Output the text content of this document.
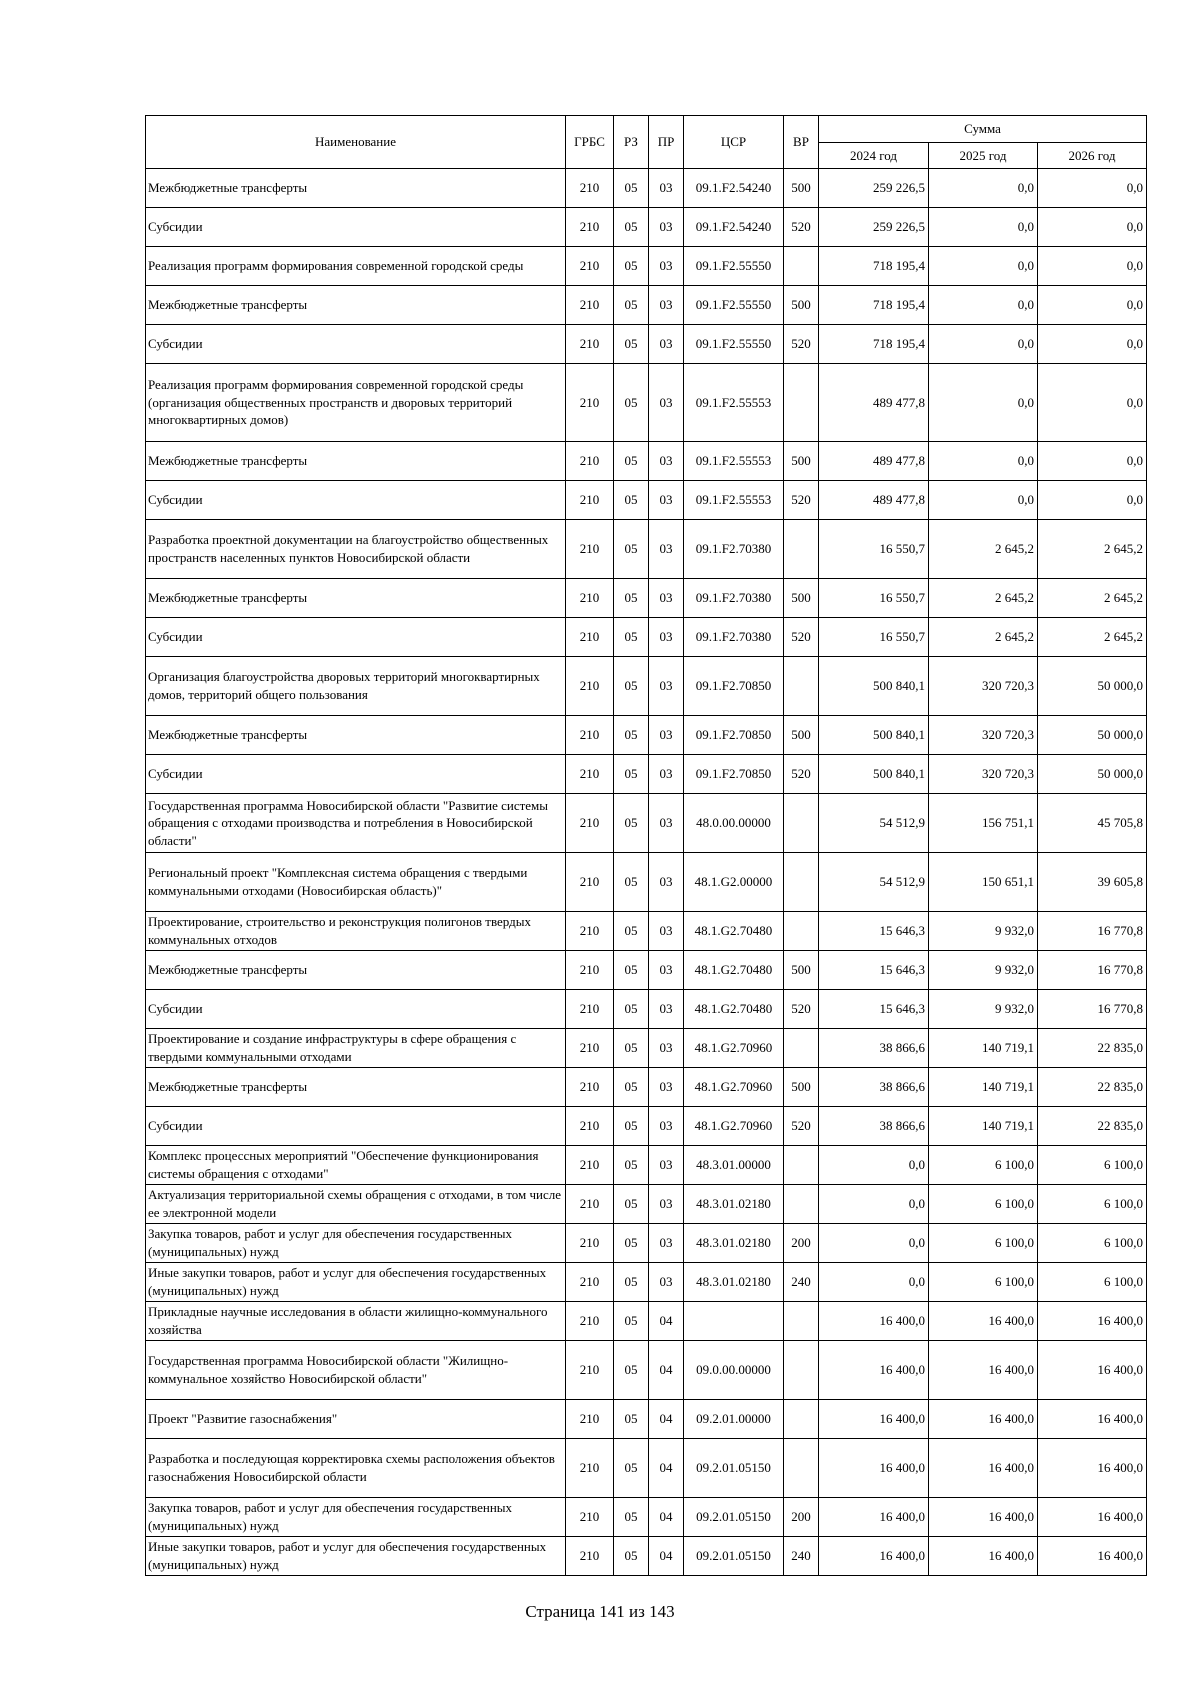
Наименование	ГРБС	РЗ	ПР	ЦСР	ВР	Сумма		
						2024 год	2025 год	2026 год
Межбюджетные трансферты	210	05	03	09.1.F2.54240	500	259 226,5	0,0	0,0
Субсидии	210	05	03	09.1.F2.54240	520	259 226,5	0,0	0,0
Реализация программ формирования современной городской среды	210	05	03	09.1.F2.55550		718 195,4	0,0	0,0
Межбюджетные трансферты	210	05	03	09.1.F2.55550	500	718 195,4	0,0	0,0
Субсидии	210	05	03	09.1.F2.55550	520	718 195,4	0,0	0,0
Реализация программ формирования современной городской среды (организация общественных пространств и дворовых территорий многоквартирных домов)	210	05	03	09.1.F2.55553		489 477,8	0,0	0,0
Межбюджетные трансферты	210	05	03	09.1.F2.55553	500	489 477,8	0,0	0,0
Субсидии	210	05	03	09.1.F2.55553	520	489 477,8	0,0	0,0
Разработка проектной документации на благоустройство общественных пространств населенных пунктов Новосибирской области	210	05	03	09.1.F2.70380		16 550,7	2 645,2	2 645,2
Межбюджетные трансферты	210	05	03	09.1.F2.70380	500	16 550,7	2 645,2	2 645,2
Субсидии	210	05	03	09.1.F2.70380	520	16 550,7	2 645,2	2 645,2
Организация благоустройства дворовых территорий многоквартирных домов, территорий общего пользования	210	05	03	09.1.F2.70850		500 840,1	320 720,3	50 000,0
Межбюджетные трансферты	210	05	03	09.1.F2.70850	500	500 840,1	320 720,3	50 000,0
Субсидии	210	05	03	09.1.F2.70850	520	500 840,1	320 720,3	50 000,0
Государственная программа Новосибирской области "Развитие системы обращения с отходами производства и потребления в Новосибирской области"	210	05	03	48.0.00.00000		54 512,9	156 751,1	45 705,8
Региональный проект "Комплексная система обращения с твердыми коммунальными отходами (Новосибирская область)"	210	05	03	48.1.G2.00000		54 512,9	150 651,1	39 605,8
Проектирование, строительство и реконструкция полигонов твердых коммунальных отходов	210	05	03	48.1.G2.70480		15 646,3	9 932,0	16 770,8
Межбюджетные трансферты	210	05	03	48.1.G2.70480	500	15 646,3	9 932,0	16 770,8
Субсидии	210	05	03	48.1.G2.70480	520	15 646,3	9 932,0	16 770,8
Проектирование и создание инфраструктуры в сфере обращения с твердыми коммунальными отходами	210	05	03	48.1.G2.70960		38 866,6	140 719,1	22 835,0
Межбюджетные трансферты	210	05	03	48.1.G2.70960	500	38 866,6	140 719,1	22 835,0
Субсидии	210	05	03	48.1.G2.70960	520	38 866,6	140 719,1	22 835,0
Комплекс процессных мероприятий "Обеспечение функционирования системы обращения с отходами"	210	05	03	48.3.01.00000		0,0	6 100,0	6 100,0
Актуализация территориальной схемы обращения с отходами, в том числе ее электронной модели	210	05	03	48.3.01.02180		0,0	6 100,0	6 100,0
Закупка товаров, работ и услуг для обеспечения государственных (муниципальных) нужд	210	05	03	48.3.01.02180	200	0,0	6 100,0	6 100,0
Иные закупки товаров, работ и услуг для обеспечения государственных (муниципальных) нужд	210	05	03	48.3.01.02180	240	0,0	6 100,0	6 100,0
Прикладные научные исследования в области жилищно-коммунального хозяйства	210	05	04			16 400,0	16 400,0	16 400,0
Государственная программа Новосибирской области "Жилищно-коммунальное хозяйство Новосибирской области"	210	05	04	09.0.00.00000		16 400,0	16 400,0	16 400,0
Проект "Развитие газоснабжения"	210	05	04	09.2.01.00000		16 400,0	16 400,0	16 400,0
Разработка и последующая корректировка схемы расположения объектов газоснабжения Новосибирской области	210	05	04	09.2.01.05150		16 400,0	16 400,0	16 400,0
Закупка товаров, работ и услуг для обеспечения государственных (муниципальных) нужд	210	05	04	09.2.01.05150	200	16 400,0	16 400,0	16 400,0
Иные закупки товаров, работ и услуг для обеспечения государственных (муниципальных) нужд	210	05	04	09.2.01.05150	240	16 400,0	16 400,0	16 400,0
Страница 141 из 143
